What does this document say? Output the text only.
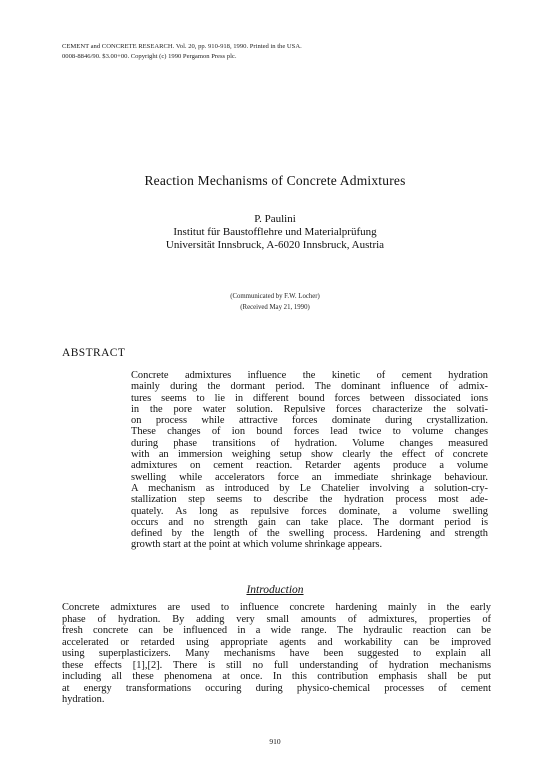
CEMENT and CONCRETE RESEARCH. Vol. 20, pp. 910-918, 1990. Printed in the USA.
0008-8846/90. $3.00+00. Copyright (c) 1990 Pergamon Press plc.
Reaction Mechanisms of Concrete Admixtures
P. Paulini
Institut für Baustofflehre und Materialprüfung
Universität Innsbruck, A-6020 Innsbruck, Austria
(Communicated by F.W. Locher)
(Received May 21, 1990)
ABSTRACT
Concrete admixtures influence the kinetic of cement hydration
mainly during the dormant period. The dominant influence of admix-
tures seems to lie in different bound forces between dissociated ions
in the pore water solution. Repulsive forces characterize the solvati-
on process while attractive forces dominate during crystallization.
These changes of ion bound forces lead twice to volume changes
during phase transitions of hydration. Volume changes measured
with an immersion weighing setup show clearly the effect of concrete
admixtures on cement reaction. Retarder agents produce a volume
swelling while accelerators force an immediate shrinkage behaviour.
A mechanism as introduced by Le Chatelier involving a solution-cry-
stallization step seems to describe the hydration process most ade-
quately. As long as repulsive forces dominate, a volume swelling
occurs and no strength gain can take place. The dormant period is
defined by the length of the swelling process. Hardening and strength
growth start at the point at which volume shrinkage appears.
Introduction
Concrete admixtures are used to influence concrete hardening mainly in the early
phase of hydration. By adding very small amounts of admixtures, properties of
fresh concrete can be influenced in a wide range. The hydraulic reaction can be
accelerated or retarded using appropriate agents and workability can be improved
using superplasticizers. Many mechanisms have been suggested to explain all
these effects [1],[2]. There is still no full understanding of hydration mechanisms
including all these phenomena at once. In this contribution emphasis shall be put
at energy transformations occuring during physico-chemical processes of cement
hydration.
910
